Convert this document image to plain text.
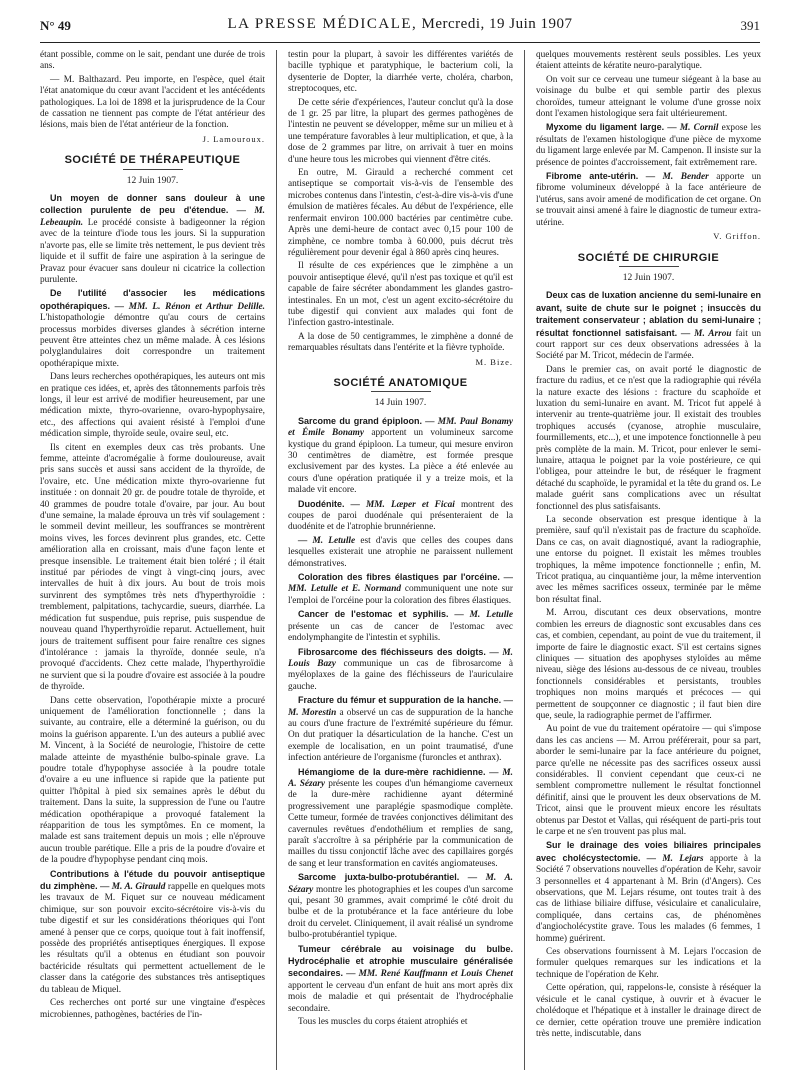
N° 49	LA PRESSE MÉDICALE, Mercredi, 19 Juin 1907	391

étant possible, comme on le sait, pendant une durée de trois ans.

— M. Balthazard. Peu importe, en l'espèce, quel était l'état anatomique du cœur avant l'accident et les antécédents pathologiques. La loi de 1898 et la jurisprudence de la Cour de cassation ne tiennent pas compte de l'état antérieur des lésions, mais bien de l'état antérieur de la fonction.

J. Lamouroux.
SOCIÉTÉ DE THÉRAPEUTIQUE
12 Juin 1907.

Un moyen de donner sans douleur à une collection purulente de peu d'étendue. — M. Lebeaupin. Le procédé consiste à badigeonner la région avec de la teinture d'iode tous les jours. Si la suppuration n'avorte pas, elle se limite très nettement, le pus devient très liquide et il suffit de faire une aspiration à la seringue de Pravaz pour évacuer sans douleur ni cicatrice la collection purulente.

De l'utilité d'associer les médications opothérapiques. — MM. L. Rénon et Arthur Delille. L'histopathologie démontre qu'au cours de certains processus morbides diverses glandes à sécrétion interne peuvent être atteintes chez un même malade. À ces lésions polyglandulaires doit correspondre un traitement opothérapique mixte.

Dans leurs recherches opothérapiques, les auteurs ont mis en pratique ces idées, et, après des tâtonnements parfois très longs, il leur est arrivé de modifier heureusement, par une médication mixte, thyro-ovarienne, ovaro-hypophysaire, etc., des affections qui avaient résisté à l'emploi d'une médication simple, thyroïde seule, ovaire seul, etc.

Ils citent en exemples deux cas très probants. Une femme, atteinte d'acromégalie à forme douloureuse, avait pris sans succès et aussi sans accident de la thyroïde, de l'ovaire, etc. Une médication mixte thyro-ovarienne fut instituée : on donnait 20 gr. de poudre totale de thyroïde, et 40 grammes de poudre totale d'ovaire, par jour. Au bout d'une semaine, la malade éprouva un très vif soulagement : le sommeil devint meilleur, les souffrances se montrèrent moins vives, les forces devinrent plus grandes, etc. Cette amélioration alla en croissant, mais d'une façon lente et presque insensible. Le traitement était bien toléré ; il était institué par périodes de vingt à vingt-cinq jours, avec intervalles de huit à dix jours. Au bout de trois mois survinrent des symptômes très nets d'hyperthyroïdie : tremblement, palpitations, tachycardie, sueurs, diarrhée. La médication fut suspendue, puis reprise, puis suspendue de nouveau quand l'hyperthyroïdie reparut. Actuellement, huit jours de traitement suffisent pour faire renaître ces signes d'intolérance : jamais la thyroïde, donnée seule, n'a provoqué d'accidents. Chez cette malade, l'hyperthyroïdie ne survient que si la poudre d'ovaire est associée à la poudre de thyroïde.

Dans cette observation, l'opothérapie mixte a procuré uniquement de l'amélioration fonctionnelle ; dans la suivante, au contraire, elle a déterminé la guérison, ou du moins la guérison apparente. L'un des auteurs a publié avec M. Vincent, à la Société de neurologie, l'histoire de cette malade atteinte de myasthénie bulbo-spinale grave. La poudre totale d'hypophyse associée à la poudre totale d'ovaire a eu une influence si rapide que la patiente put quitter l'hôpital à pied six semaines après le début du traitement. Dans la suite, la suppression de l'une ou l'autre médication opothérapique a provoqué fatalement la réapparition de tous les symptômes. En ce moment, la malade est sans traitement depuis un mois ; elle n'éprouve aucun trouble parétique. Elle a pris de la poudre d'ovaire et de la poudre d'hypophyse pendant cinq mois.

Contributions à l'étude du pouvoir antiseptique du zimphène. — M. A. Girauld rappelle en quelques mots les travaux de M. Fiquet sur ce nouveau médicament chimique, sur son pouvoir excito-sécrétoire vis-à-vis du tube digestif et sur les considérations théoriques qui l'ont amené à penser que ce corps, quoique tout à fait inoffensif, possède des propriétés antiseptiques énergiques. Il expose les résultats qu'il a obtenus en étudiant son pouvoir bactéricide résultats qui permettent actuellement de le classer dans la catégorie des substances très antiseptiques du tableau de Miquel.

Ces recherches ont porté sur une vingtaine d'espèces microbiennes, pathogènes, bactéries de l'in-

testin pour la plupart, à savoir les différentes variétés de bacille typhique et paratyphique, le bacterium coli, la dysenterie de Dopter, la diarrhée verte, choléra, charbon, streptocoques, etc.

De cette série d'expériences, l'auteur conclut qu'à la dose de 1 gr. 25 par litre, la plupart des germes pathogènes de l'intestin ne peuvent se développer, même sur un milieu et à une température favorables à leur multiplication, et que, à la dose de 2 grammes par litre, on arrivait à tuer en moins d'une heure tous les microbes qui viennent d'être cités.

En outre, M. Girauld a recherché comment cet antiseptique se comportait vis-à-vis de l'ensemble des microbes contenus dans l'intestin, c'est-à-dire vis-à-vis d'une émulsion de matières fécales. Au début de l'expérience, elle renfermait environ 100.000 bactéries par centimètre cube. Après une demi-heure de contact avec 0,15 pour 100 de zimphène, ce nombre tomba à 60.000, puis décrut très régulièrement pour devenir égal à 860 après cinq heures.

Il résulte de ces expériences que le zimphène a un pouvoir antiseptique élevé, qu'il n'est pas toxique et qu'il est capable de faire sécréter abondamment les glandes gastro-intestinales. En un mot, c'est un agent excito-sécrétoire du tube digestif qui convient aux malades qui font de l'infection gastro-intestinale.

A la dose de 50 centigrammes, le zimphène a donné de remarquables résultats dans l'entérite et la fièvre typhoïde.

M. Bize.
SOCIÉTÉ ANATOMIQUE
14 Juin 1907.

Sarcome du grand épiploon. — MM. Paul Bonamy et Émile Bonamy apportent un volumineux sarcome kystique du grand épiploon. La tumeur, qui mesure environ 30 centimètres de diamètre, est formée presque exclusivement par des kystes. La pièce a été enlevée au cours d'une opération pratiquée il y a treize mois, et la malade vit encore.

Duodénite. — MM. Læper et Ficai montrent des coupes de paroi duodénale qui présenteraient de la duodénite et de l'atrophie brunnérienne.

— M. Letulle est d'avis que celles des coupes dans lesquelles existerait une atrophie ne paraissent nullement démonstratives.

Coloration des fibres élastiques par l'orcéine. — MM. Letulle et E. Normand communiquent une note sur l'emploi de l'orcéine pour la coloration des fibres élastiques.

Cancer de l'estomac et syphilis. — M. Letulle présente un cas de cancer de l'estomac avec endolymphangite de l'intestin et syphilis.

Fibrosarcome des fléchisseurs des doigts. — M. Louis Bazy communique un cas de fibrosarcome à myéloplaxes de la gaine des fléchisseurs de l'auriculaire gauche.

Fracture du fémur et suppuration de la hanche. — M. Morestin a observé un cas de suppuration de la hanche au cours d'une fracture de l'extrémité supérieure du fémur. On dut pratiquer la désarticulation de la hanche. C'est un exemple de localisation, en un point traumatisé, d'une infection antérieure de l'organisme (furoncles et anthrax).

Hémangiome de la dure-mère rachidienne. — M. A. Sézary présente les coupes d'un hémangiome caverneux de la dure-mère rachidienne ayant déterminé progressivement une paraplégie spasmodique complète. Cette tumeur, formée de travées conjonctives délimitant des cavernules revêtues d'endothélium et remplies de sang, paraît s'accroître à sa périphérie par la communication de mailles du tissu conjonctif lâche avec des capillaires gorgés de sang et leur transformation en cavités angiomateuses.

Sarcome juxta-bulbo-protubérantiel. — M. A. Sézary montre les photographies et les coupes d'un sarcome qui, pesant 30 grammes, avait comprimé le côté droit du bulbe et de la protubérance et la face antérieure du lobe droit du cervelet. Cliniquement, il avait réalisé un syndrome bulbo-protubérantiel typique.

Tumeur cérébrale au voisinage du bulbe. Hydrocéphalie et atrophie musculaire généralisée secondaires. — MM. René Kauffmann et Louis Chenet apportent le cerveau d'un enfant de huit ans mort après dix mois de maladie et qui présentait de l'hydrocéphalie secondaire.

Tous les muscles du corps étaient atrophiés et

quelques mouvements restèrent seuls possibles. Les yeux étaient atteints de kératite neuro-paralytique.

On voit sur ce cerveau une tumeur siégeant à la base au voisinage du bulbe et qui semble partir des plexus choroïdes, tumeur atteignant le volume d'une grosse noix dont l'examen histologique sera fait ultérieurement.

Myxome du ligament large. — M. Cornil expose les résultats de l'examen histologique d'une pièce de myxome du ligament large enlevée par M. Campenon. Il insiste sur la présence de pointes d'accroissement, fait extrêmement rare.

Fibrome ante-utérin. — M. Bender apporte un fibrome volumineux développé à la face antérieure de l'utérus, sans avoir amené de modification de cet organe. On se trouvait ainsi amené à faire le diagnostic de tumeur extra-utérine.

V. Griffon.
SOCIÉTÉ DE CHIRURGIE
12 Juin 1907.

Deux cas de luxation ancienne du semi-lunaire en avant, suite de chute sur le poignet ; insuccès du traitement conservateur ; ablation du semi-lunaire ; résultat fonctionnel satisfaisant. — M. Arrou fait un court rapport sur ces deux observations adressées à la Société par M. Tricot, médecin de l'armée.

Dans le premier cas, on avait porté le diagnostic de fracture du radius, et ce n'est que la radiographie qui révéla la nature exacte des lésions : fracture du scaphoïde et luxation du semi-lunaire en avant. M. Tricot fut appelé à intervenir au trente-quatrième jour. Il existait des troubles trophiques accusés (cyanose, atrophie musculaire, fourmillements, etc...), et une impotence fonctionnelle à peu près complète de la main. M. Tricot, pour enlever le semi-lunaire, attaqua le poignet par la voie postérieure, ce qui l'obligea, pour atteindre le but, de réséquer le fragment détaché du scaphoïde, le pyramidal et la tête du grand os. Le malade guérit sans complications avec un résultat fonctionnel des plus satisfaisants.

La seconde observation est presque identique à la première, sauf qu'il n'existait pas de fracture du scaphoïde. Dans ce cas, on avait diagnostiqué, avant la radiographie, une entorse du poignet. Il existait les mêmes troubles trophiques, la même impotence fonctionnelle ; enfin, M. Tricot pratiqua, au cinquantième jour, la même intervention avec les mêmes sacrifices osseux, terminée par le même bon résultat final.

M. Arrou, discutant ces deux observations, montre combien les erreurs de diagnostic sont excusables dans ces cas, et combien, cependant, au point de vue du traitement, il importe de faire le diagnostic exact. S'il est certains signes cliniques — situation des apophyses styloïdes au même niveau, siège des lésions au-dessous de ce niveau, troubles fonctionnels considérables et persistants, troubles trophiques non moins marqués et précoces — qui permettent de soupçonner ce diagnostic ; il faut bien dire que, seule, la radiographie permet de l'affirmer.

Au point de vue du traitement opératoire — qui s'impose dans les cas anciens — M. Arrou préférerait, pour sa part, aborder le semi-lunaire par la face antérieure du poignet, parce qu'elle ne nécessite pas des sacrifices osseux aussi considérables. Il convient cependant que ceux-ci ne semblent compromettre nullement le résultat fonctionnel définitif, ainsi que le prouvent les deux observations de M. Tricot, ainsi que le prouvent mieux encore les résultats obtenus par Destot et Vallas, qui réséquent de parti-pris tout le carpe et ne s'en trouvent pas plus mal.

Sur le drainage des voies biliaires principales avec cholécystectomie. — M. Lejars apporte à la Société 7 observations nouvelles d'opération de Kehr, savoir 3 personnelles et 4 appartenant à M. Brin (d'Angers). Ces observations, que M. Lejars résume, ont toutes trait à des cas de lithiase biliaire diffuse, vésiculaire et canaliculaire, compliquée, dans certains cas, de phénomènes d'angiocholécystite grave. Tous les malades (6 femmes, 1 homme) guérirent.

Ces observations fournissent à M. Lejars l'occasion de formuler quelques remarques sur les indications et la technique de l'opération de Kehr.

Cette opération, qui, rappelons-le, consiste à réséquer la vésicule et le canal cystique, à ouvrir et à évacuer le cholédoque et l'hépatique et à installer le drainage direct de ce dernier, cette opération trouve une première indication très nette, indiscutable, dans
